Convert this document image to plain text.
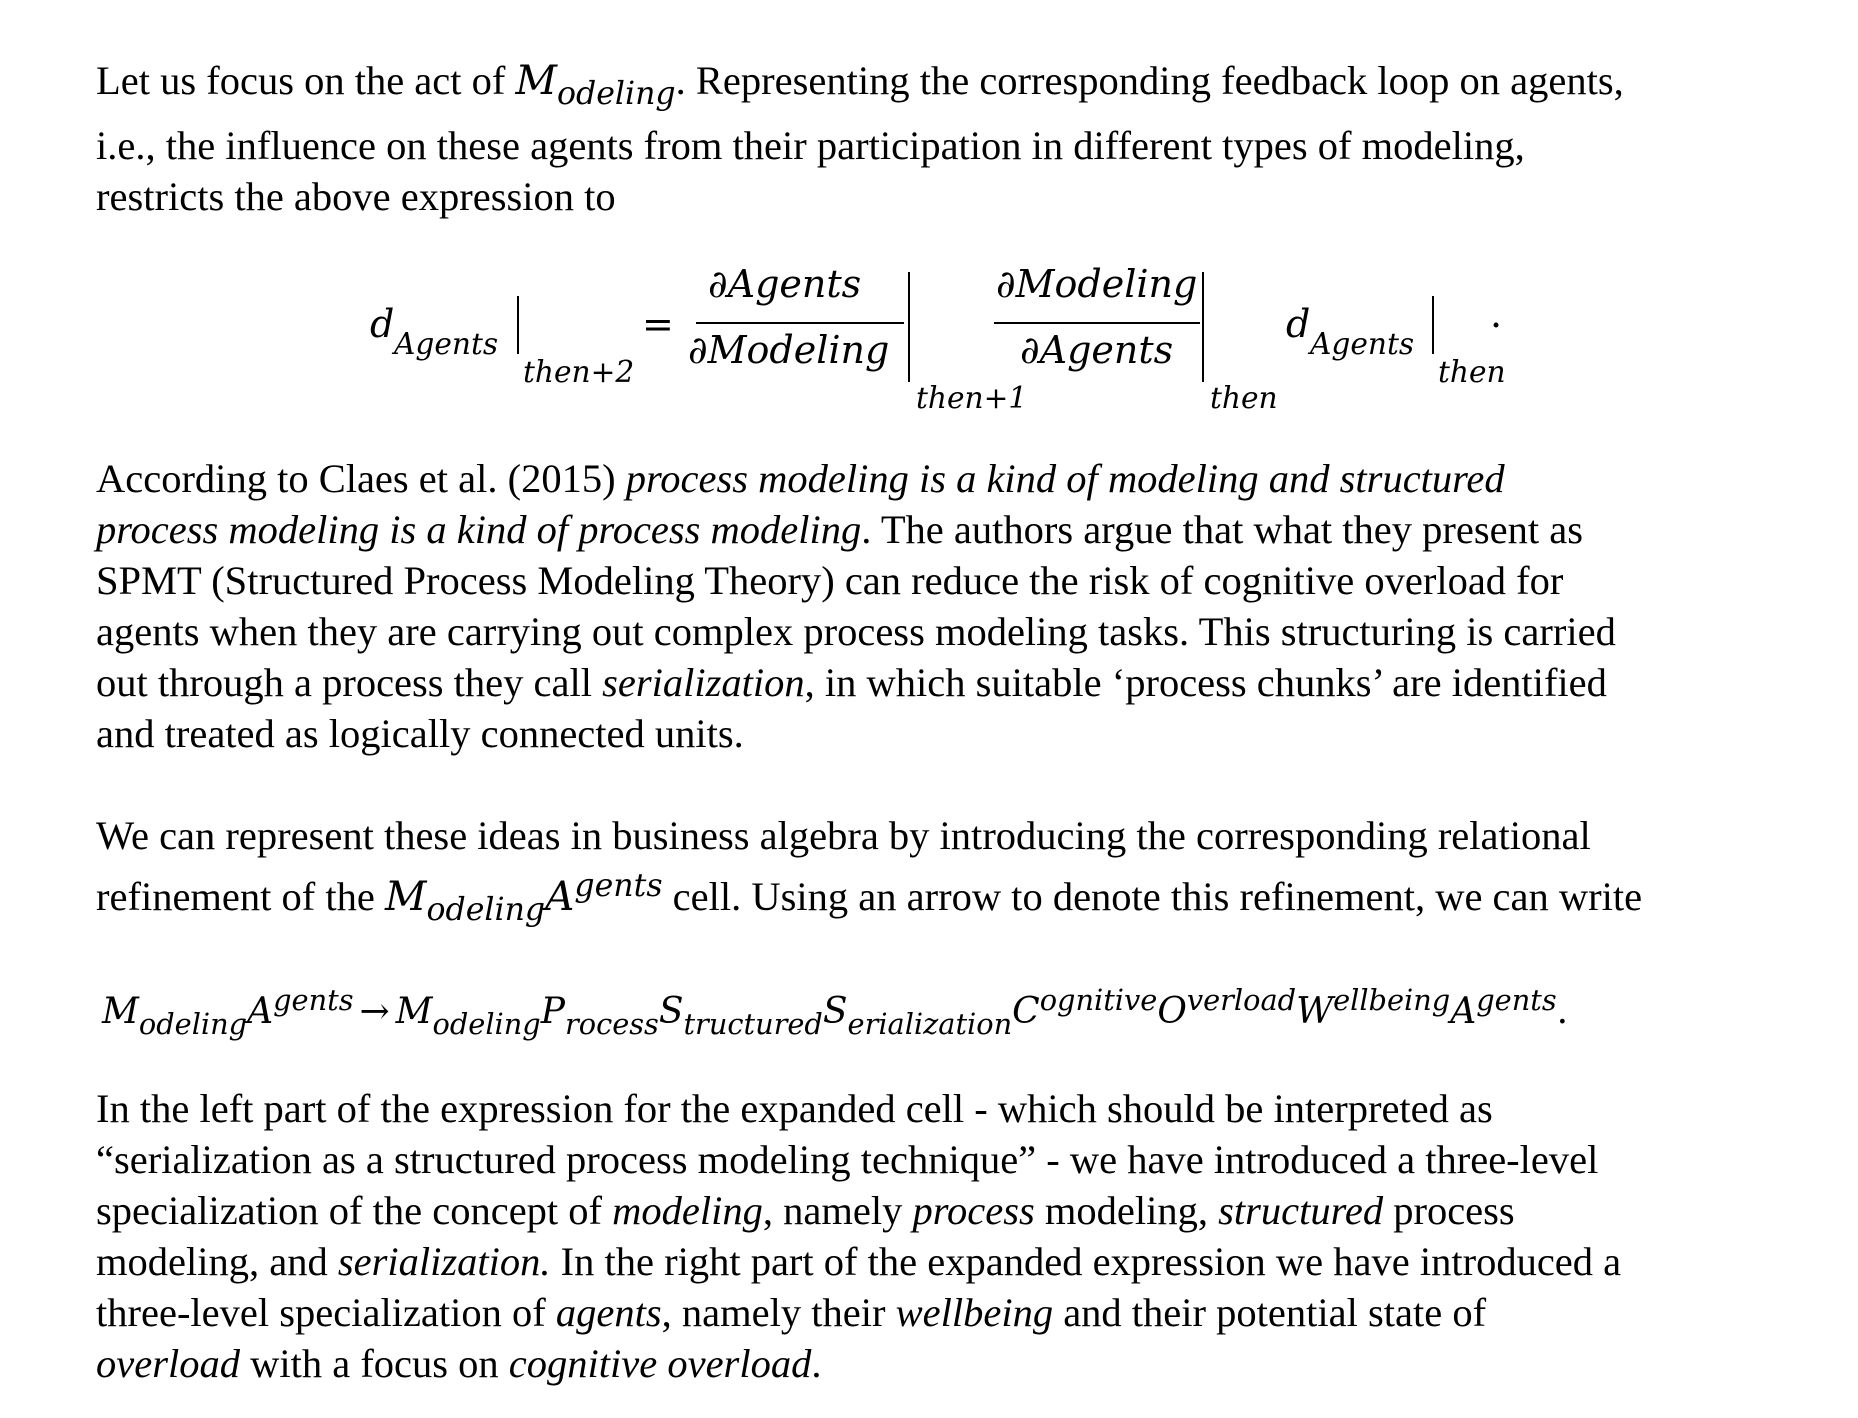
Let us focus on the act of $M_{odeling}$. Representing the corresponding feedback loop on agents,
i.e., the influence on these agents from their participation in different types of modeling,
restricts the above expression to

d Agents
then+2
=
∂Agents
∂Modeling
then+1
∂Modeling
∂Agents
then
d Agents
then
.

According to Claes et al. (2015) process modeling is a kind of modeling and structured
process modeling is a kind of process modeling. The authors argue that what they present as
SPMT (Structured Process Modeling Theory) can reduce the risk of cognitive overload for
agents when they are carrying out complex process modeling tasks. This structuring is carried
out through a process they call serialization, in which suitable ‘process chunks’ are identified
and treated as logically connected units.

We can represent these ideas in business algebra by introducing the corresponding relational
refinement of the $M_{odeling}A^{gents}$ cell. Using an arrow to denote this refinement, we can write

$M_{odeling}A^{gents} \to M_{odeling}P_{rocess}S_{tructured}S_{erialization}C^{ognitive}O^{verload}W^{ellbeing}A^{gents}$.

In the left part of the expression for the expanded cell - which should be interpreted as
“serialization as a structured process modeling technique” - we have introduced a three-level
specialization of the concept of modeling, namely process modeling, structured process
modeling, and serialization. In the right part of the expanded expression we have introduced a
three-level specialization of agents, namely their wellbeing and their potential state of
overload with a focus on cognitive overload.
